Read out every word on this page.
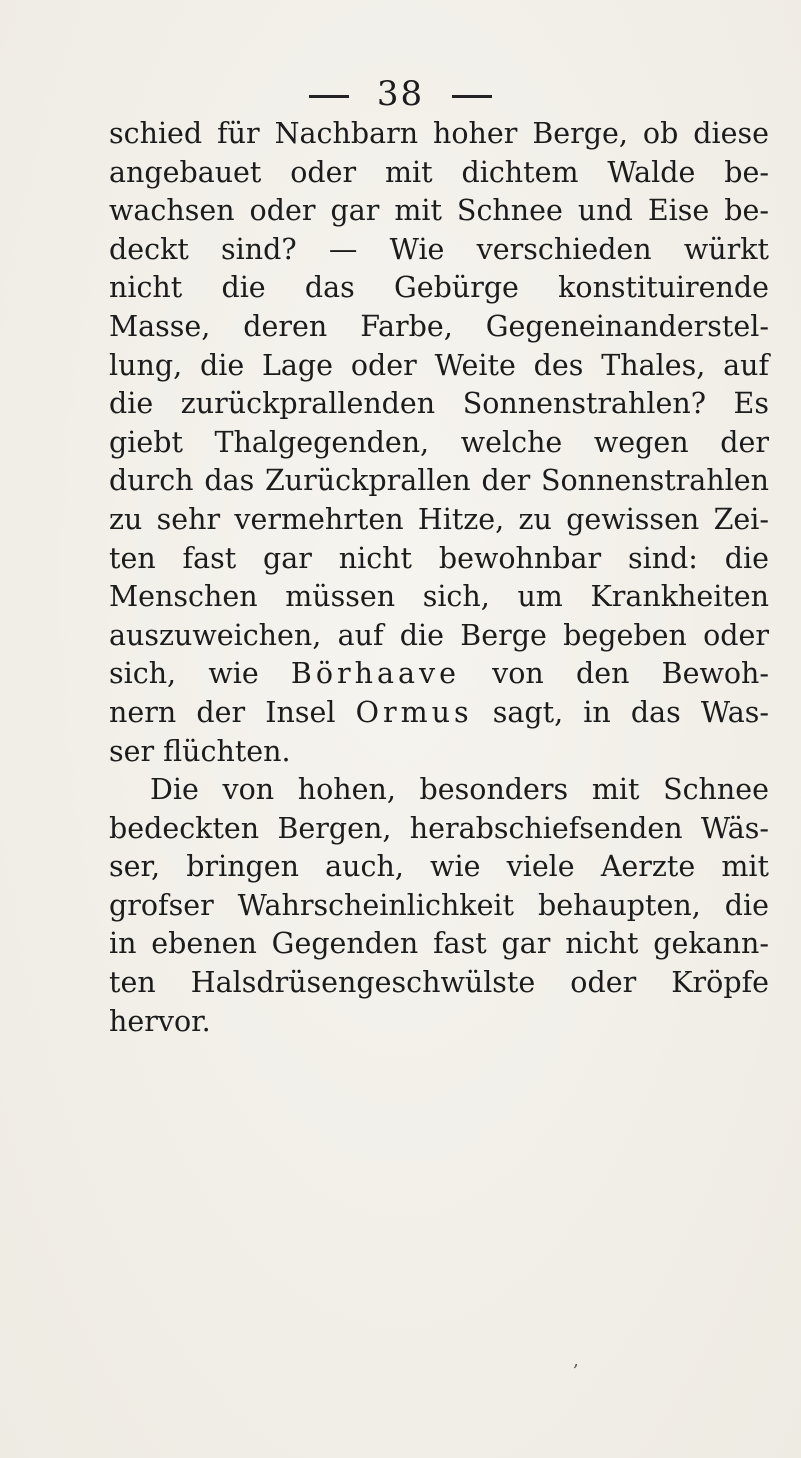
38
schied für Nachbarn hoher Berge, ob diese
angebauet oder mit dichtem Walde be-
wachsen oder gar mit Schnee und Eise be-
deckt sind? — Wie verschieden würkt
nicht die das Gebürge konstituirende
Masse, deren Farbe, Gegeneinanderstel-
lung, die Lage oder Weite des Thales, auf
die zurückprallenden Sonnenstrahlen? Es
giebt Thalgegenden, welche wegen der
durch das Zurückprallen der Sonnenstrahlen
zu sehr vermehrten Hitze, zu gewissen Zei-
ten fast gar nicht bewohnbar sind: die
Menschen müssen sich, um Krankheiten
auszuweichen, auf die Berge begeben oder
sich, wie Börhaave von den Bewoh-
nern der Insel Ormus sagt, in das Was-
ser flüchten.
Die von hohen, besonders mit Schnee
bedeckten Bergen, herabschiefsenden Wäs-
ser, bringen auch, wie viele Aerzte mit
grofser Wahrscheinlichkeit behaupten, die
in ebenen Gegenden fast gar nicht gekann-
ten Halsdrüsengeschwülste oder Kröpfe
hervor.
‚
